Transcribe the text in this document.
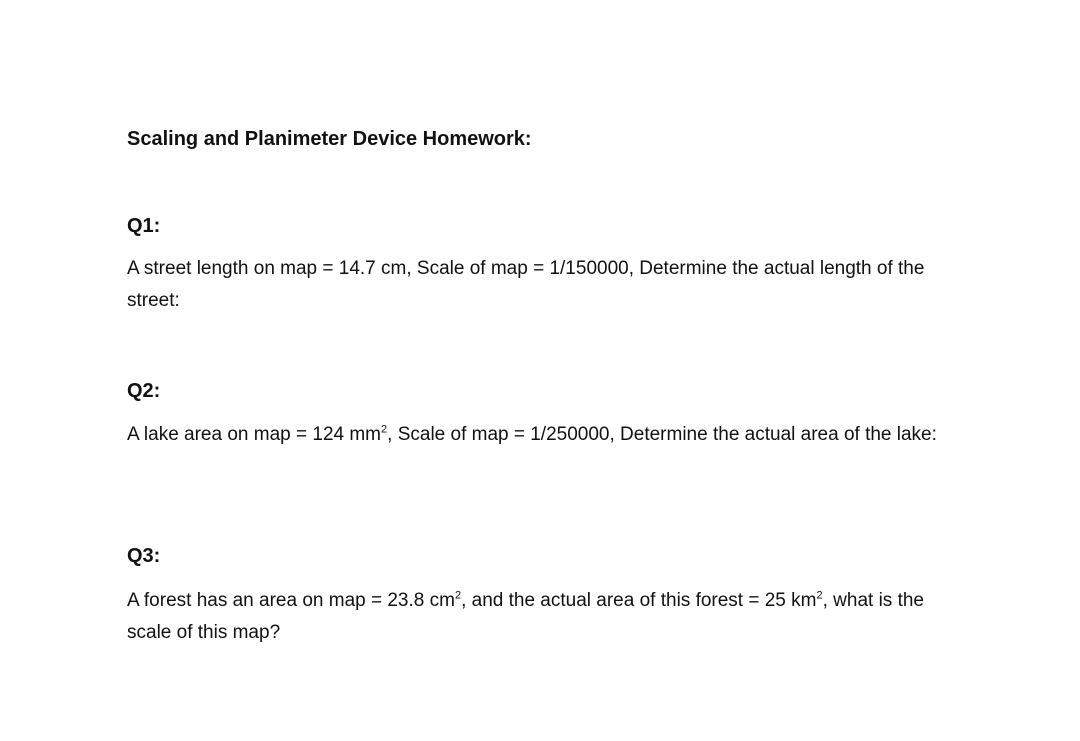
Scaling and Planimeter Device Homework:
Q1:

A street length on map = 14.7 cm, Scale of map = 1/150000, Determine the actual length of the street:

Q2:

A lake area on map = 124 $mm^2$, Scale of map = 1/250000, Determine the actual area of the lake:

Q3:

A forest has an area on map = 23.8 $cm^2$, and the actual area of this forest = 25 $km^2$, what is the scale of this map?
